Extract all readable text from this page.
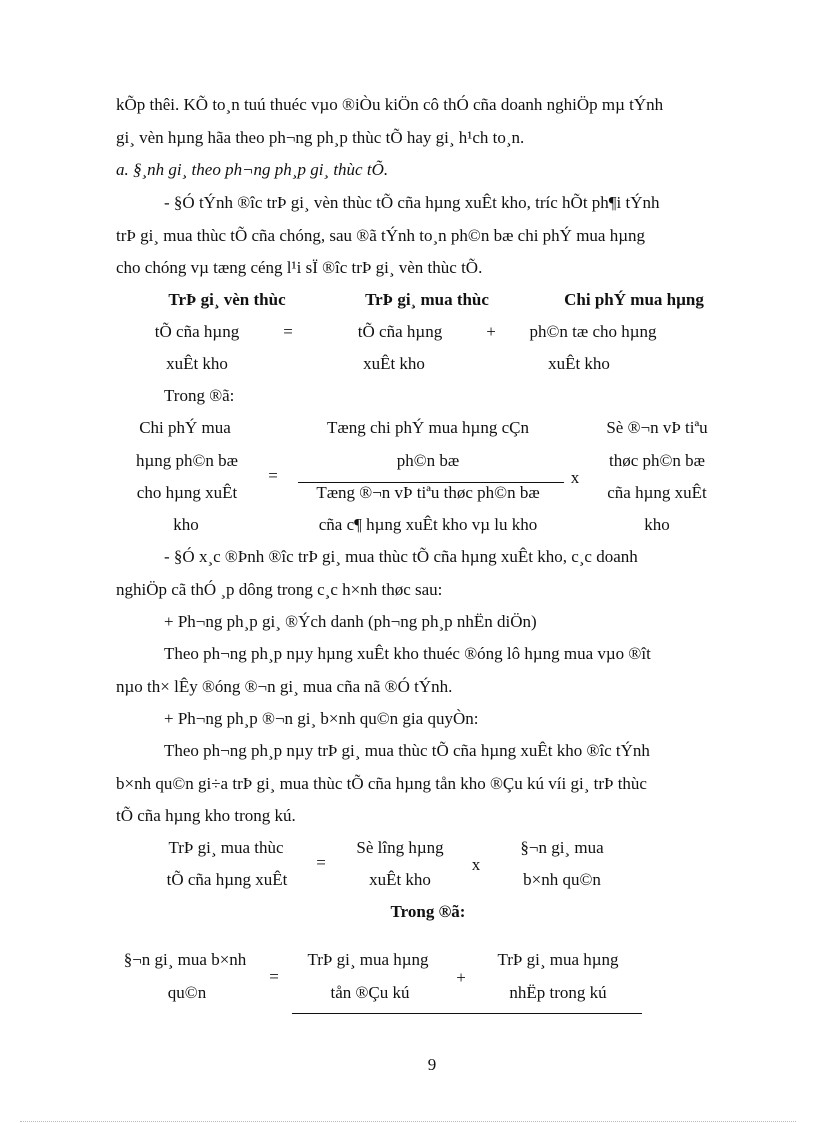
kÕp thêi. KÕ to¸n tuú thuéc vµo ®iÒu kiÖn cô thÓ cña doanh nghiÖp mµ tÝnh
gi¸ vèn hµng hãa theo ph¬ng ph¸p thùc tÕ hay gi¸ h¹ch to¸n.
a. §¸nh gi¸ theo ph¬ng ph¸p gi¸ thùc tÕ.
- §Ó tÝnh ®îc trÞ gi¸ vèn thùc tÕ cña hµng xuÊt kho, tríc hÕt ph¶i tÝnh
trÞ gi¸ mua thùc tÕ cña chóng, sau ®ã tÝnh to¸n ph©n bæ chi phÝ mua hµng
cho chóng vµ tæng céng l¹i sÏ ®îc trÞ gi¸ vèn thùc tÕ.
TrÞ gi¸ vèn thùc
tÕ cña hµng
xuÊt kho
=
TrÞ gi¸ mua thùc
tÕ cña hµng
xuÊt kho
+
Chi phÝ mua hµng
ph©n tæ cho hµng
xuÊt kho
Trong ®ã:
Chi phÝ mua
hµng ph©n bæ
cho hµng xuÊt
kho
=
Tæng chi phÝ mua hµng cÇn
ph©n bæ
Tæng ®¬n vÞ tiªu thøc ph©n bæ
cña c¶ hµng xuÊt kho vµ lu kho
x
Sè ®¬n vÞ tiªu
thøc ph©n bæ
cña hµng xuÊt
kho
- §Ó x¸c ®Þnh ®îc trÞ gi¸ mua thùc tÕ cña hµng xuÊt kho, c¸c doanh
nghiÖp cã thÓ ¸p dông trong c¸c h×nh thøc sau:
+ Ph¬ng ph¸p gi¸ ®Ých danh (ph¬ng ph¸p nhËn diÖn)
Theo ph¬ng ph¸p nµy hµng xuÊt kho thuéc ®óng lô hµng mua vµo ®ît
nµo th× lÊy ®óng ®¬n gi¸ mua cña nã ®Ó tÝnh.
+ Ph¬ng ph¸p ®¬n gi¸ b×nh qu©n gia quyÒn:
Theo ph¬ng ph¸p nµy trÞ gi¸ mua thùc tÕ cña hµng xuÊt kho ®îc tÝnh
b×nh qu©n gi÷a trÞ gi¸ mua thùc tÕ cña hµng tån kho ®Çu kú víi gi¸ trÞ thùc
tÕ cña hµng kho trong kú.
TrÞ gi¸ mua thùc
tÕ cña hµng xuÊt
=
Sè lîng hµng
xuÊt kho
x
§¬n gi¸ mua
b×nh qu©n
Trong ®ã:
§¬n gi¸ mua b×nh
qu©n
=
TrÞ gi¸ mua hµng
tån ®Çu kú
+
TrÞ gi¸ mua hµng
nhËp trong kú
9
